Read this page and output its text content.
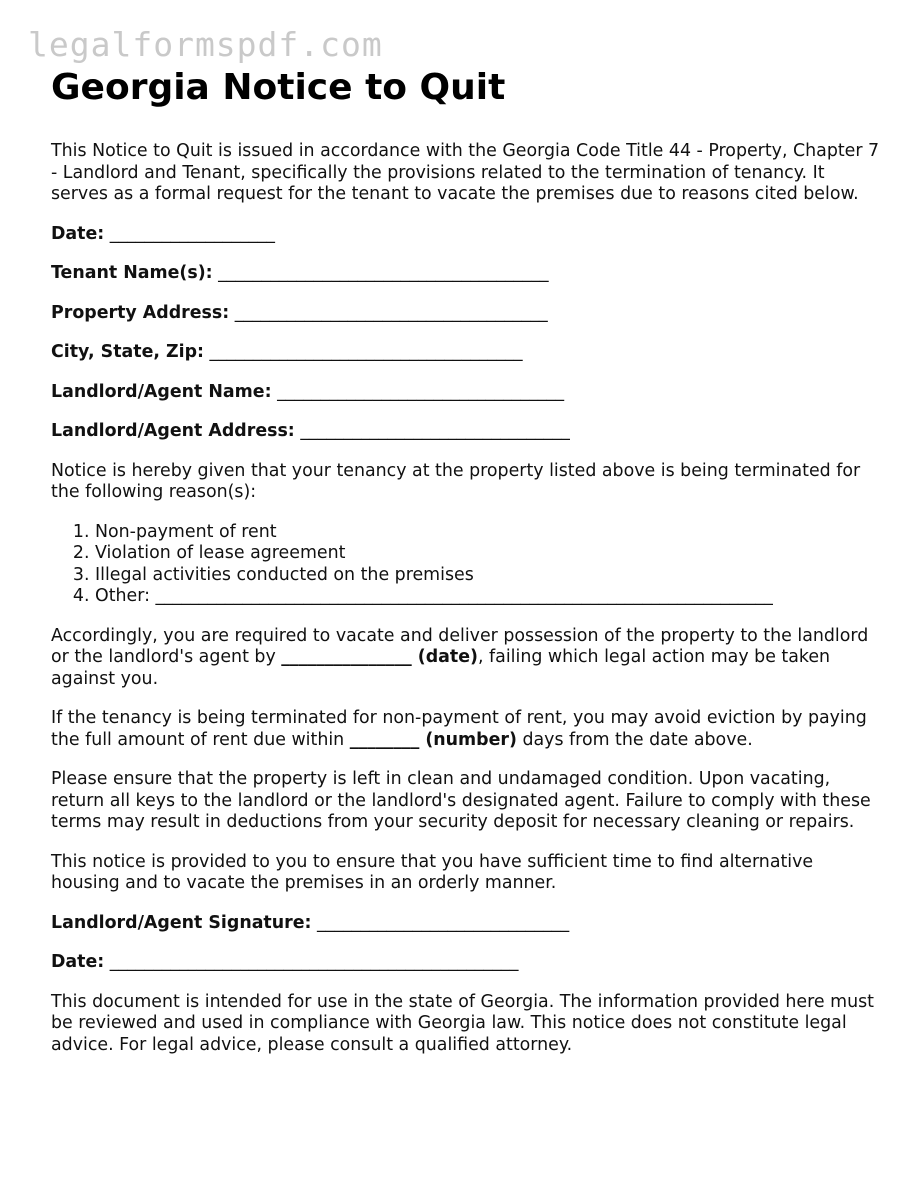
legalformspdf.com
Georgia Notice to Quit

This Notice to Quit is issued in accordance with the Georgia Code Title 44 - Property, Chapter 7 - Landlord and Tenant, specifically the provisions related to the termination of tenancy. It serves as a formal request for the tenant to vacate the premises due to reasons cited below.

Date: ___________________
Tenant Name(s): ______________________________________
Property Address: ____________________________________
City, State, Zip: ____________________________________
Landlord/Agent Name: _________________________________
Landlord/Agent Address: _______________________________

Notice is hereby given that your tenancy at the property listed above is being terminated for the following reason(s):

1. Non-payment of rent
2. Violation of lease agreement
3. Illegal activities conducted on the premises
4. Other: _______________________________________________________________________

Accordingly, you are required to vacate and deliver possession of the property to the landlord or the landlord's agent by _______________ (date), failing which legal action may be taken against you.

If the tenancy is being terminated for non-payment of rent, you may avoid eviction by paying the full amount of rent due within ________ (number) days from the date above.

Please ensure that the property is left in clean and undamaged condition. Upon vacating, return all keys to the landlord or the landlord's designated agent. Failure to comply with these terms may result in deductions from your security deposit for necessary cleaning or repairs.

This notice is provided to you to ensure that you have sufficient time to find alternative housing and to vacate the premises in an orderly manner.

Landlord/Agent Signature: _____________________________
Date: _______________________________________________

This document is intended for use in the state of Georgia. The information provided here must be reviewed and used in compliance with Georgia law. This notice does not constitute legal advice. For legal advice, please consult a qualified attorney.
